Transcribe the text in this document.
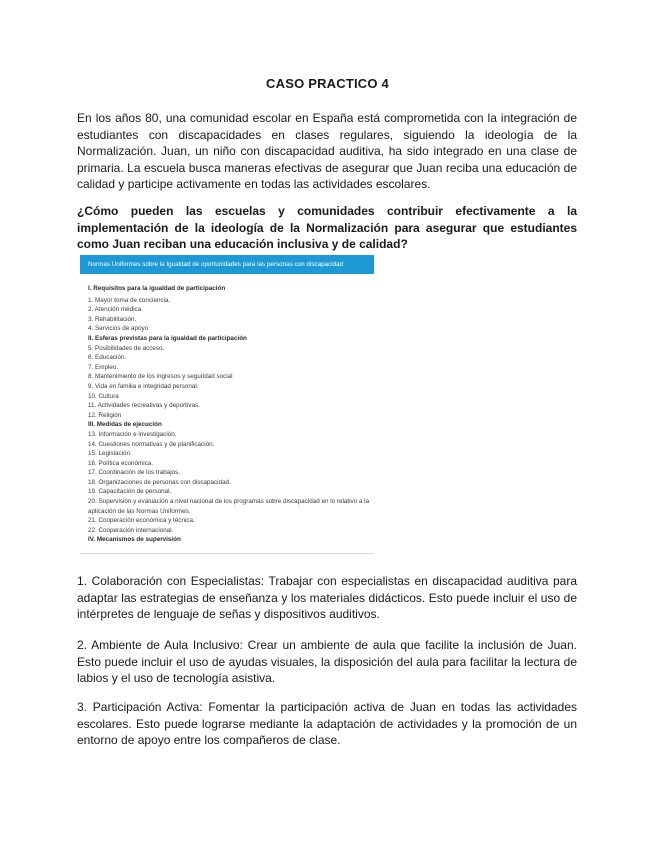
CASO PRACTICO 4

En los años 80, una comunidad escolar en España está comprometida con la integración de estudiantes con discapacidades en clases regulares, siguiendo la ideología de la Normalización. Juan, un niño con discapacidad auditiva, ha sido integrado en una clase de primaria. La escuela busca maneras efectivas de asegurar que Juan reciba una educación de calidad y participe activamente en todas las actividades escolares.

¿Cómo pueden las escuelas y comunidades contribuir efectivamente a la implementación de la ideología de la Normalización para asegurar que estudiantes como Juan reciban una educación inclusiva y de calidad?

Normas Uniformes sobre la Igualdad de oportunidades para las personas con discapacidad
I. Requisitos para la igualdad de participación
1. Mayor toma de conciencia.
2. Atención médica.
3. Rehabilitación.
4. Servicios de apoyo
II. Esferas previstas para la igualdad de participación
5. Posibilidades de acceso.
6. Educación.
7. Empleo.
8. Mantenimiento de los ingresos y seguridad social
9. Vida en familia e integridad personal.
10. Cultura
11. Actividades recreativas y deportivas.
12. Religión
III. Medidas de ejecución
13. Información e investigación.
14. Cuestiones normativas y de planificación.
15. Legislación.
16. Política económica.
17. Coordinación de los trabajos.
18. Organizaciones de personas con discapacidad.
19. Capacitación de personal.
20. Supervisión y evaluación a nivel nacional de los programas sobre discapacidad en lo relativo a la aplicación de las Normas Uniformes.
21. Cooperación económica y técnica.
22. Cooperación internacional.
IV. Mecanismos de supervisión

1. Colaboración con Especialistas: Trabajar con especialistas en discapacidad auditiva para adaptar las estrategias de enseñanza y los materiales didácticos. Esto puede incluir el uso de intérpretes de lenguaje de señas y dispositivos auditivos.

2. Ambiente de Aula Inclusivo: Crear un ambiente de aula que facilite la inclusión de Juan. Esto puede incluir el uso de ayudas visuales, la disposición del aula para facilitar la lectura de labios y el uso de tecnología asistiva.

3. Participación Activa: Fomentar la participación activa de Juan en todas las actividades escolares. Esto puede lograrse mediante la adaptación de actividades y la promoción de un entorno de apoyo entre los compañeros de clase.
